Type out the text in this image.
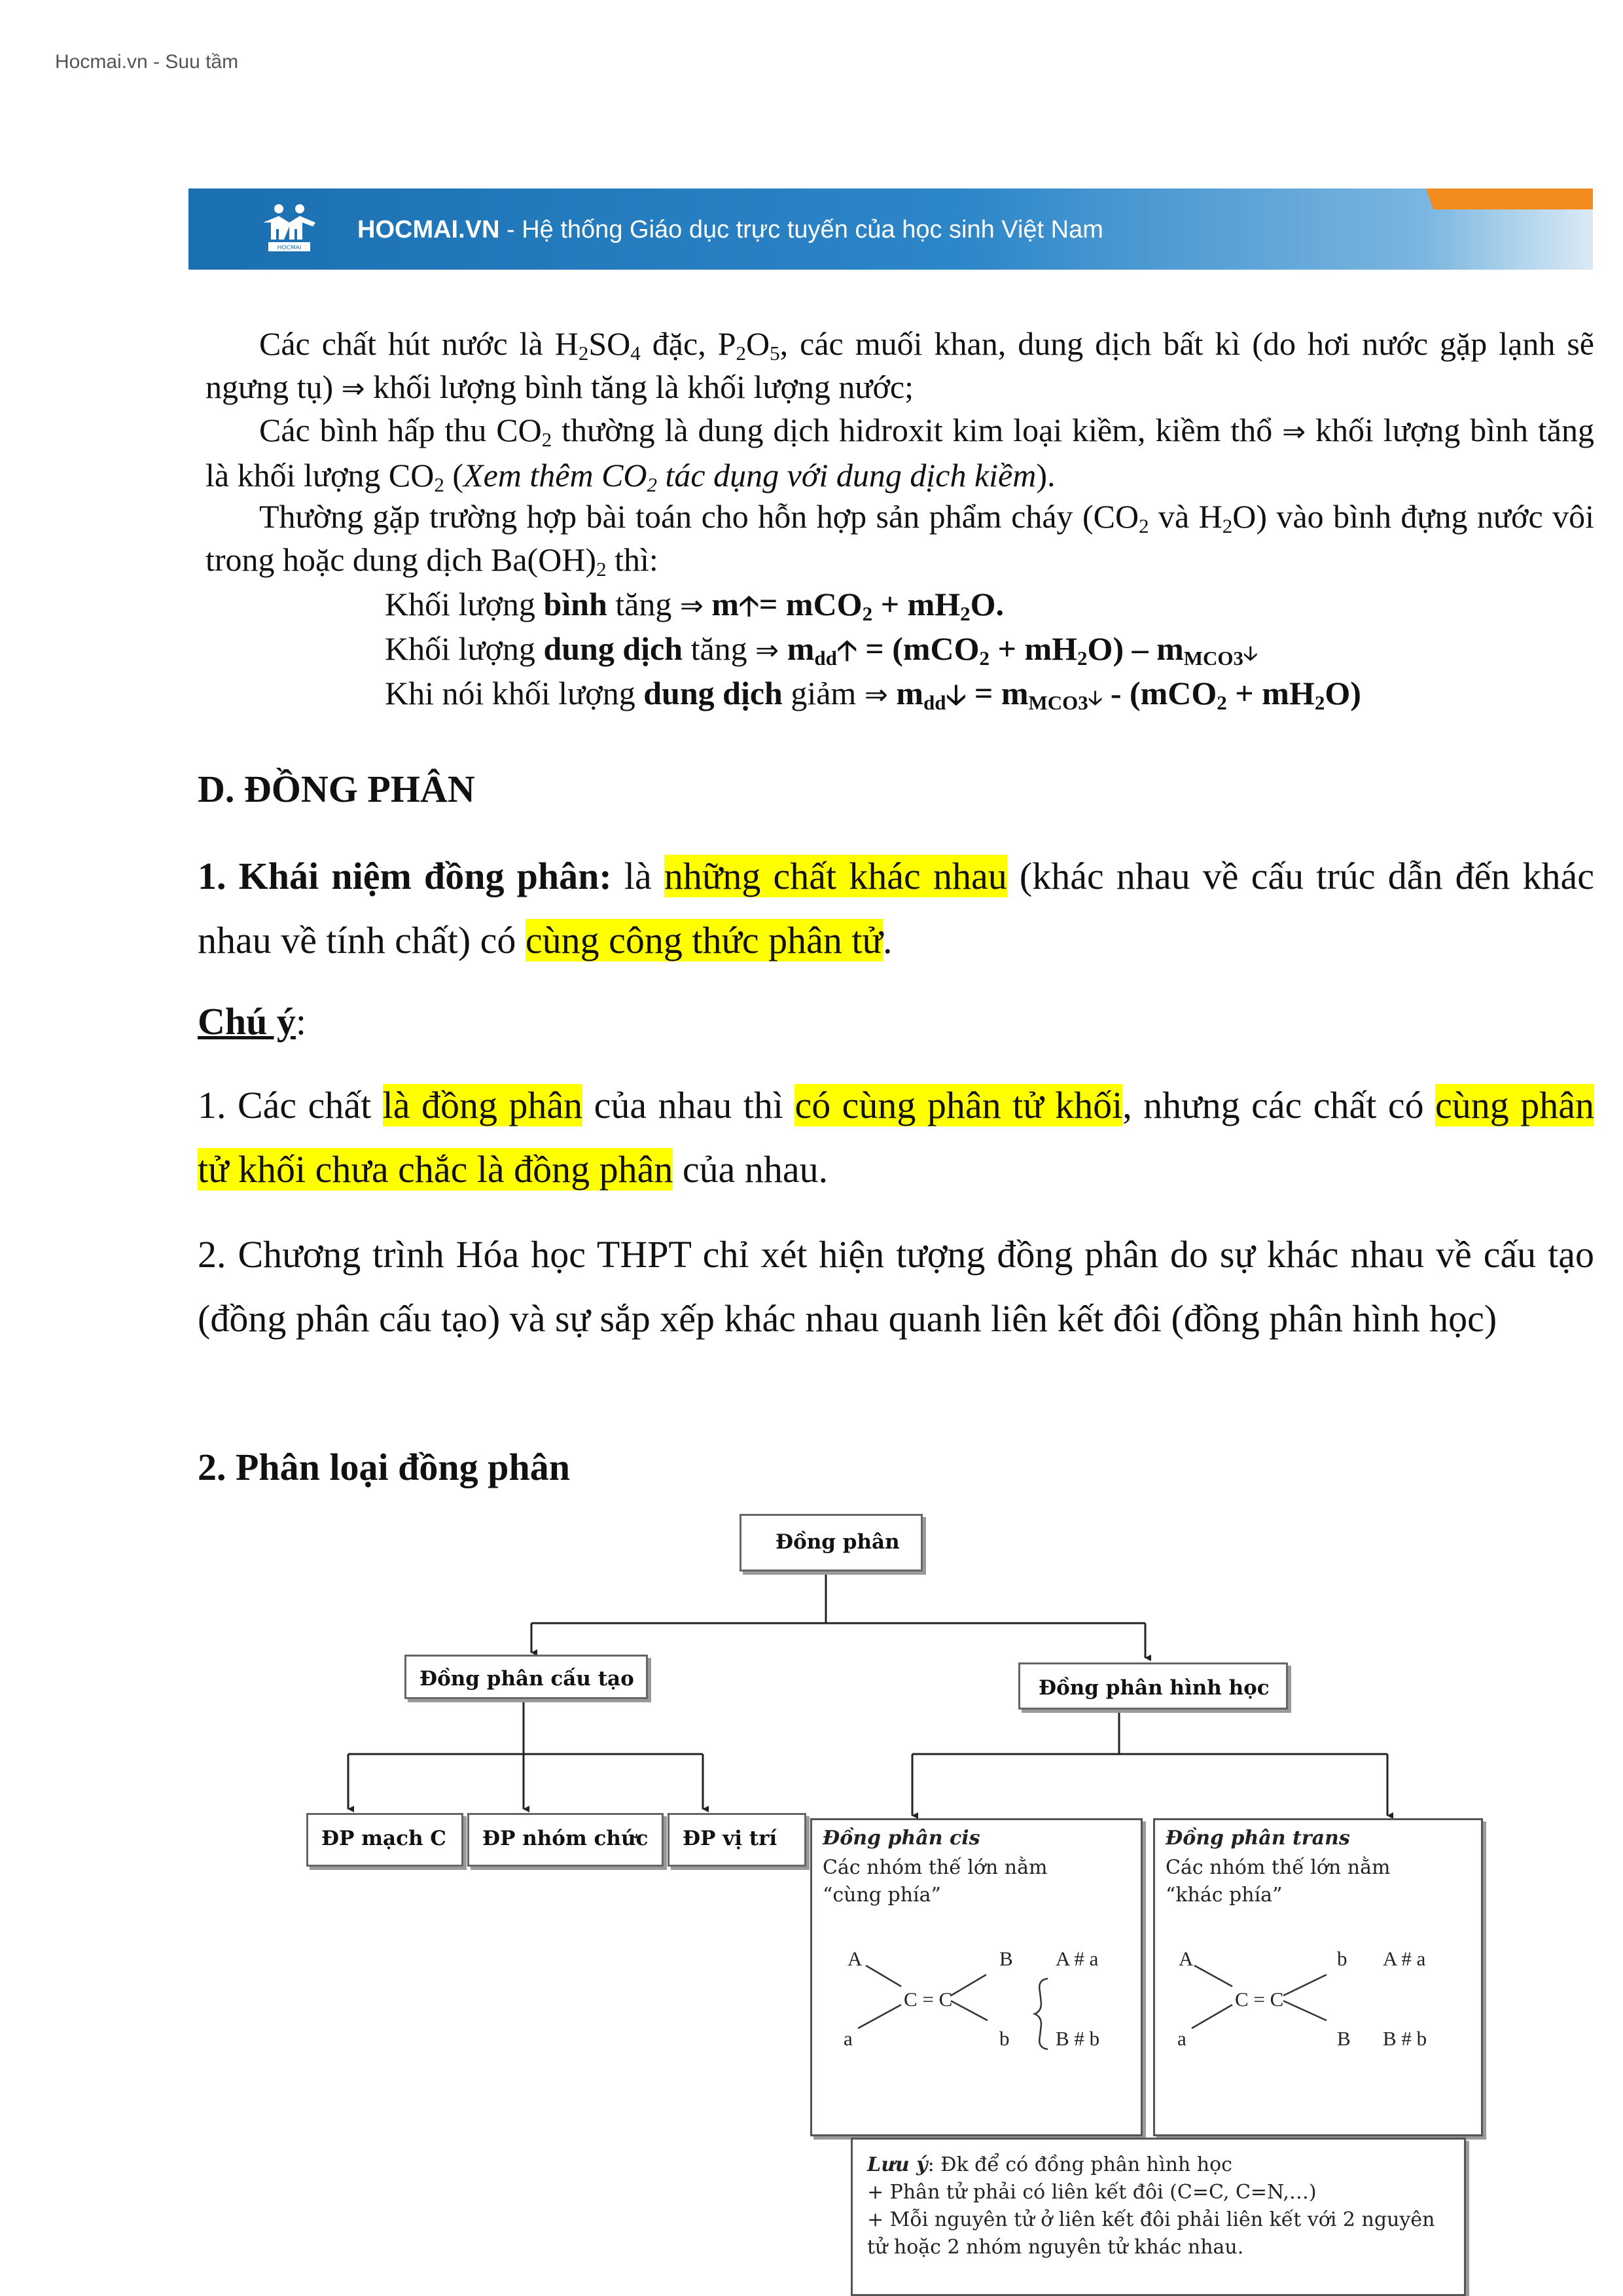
Hocmai.vn - Suu tầm
HOCMAI
HOCMAI.VN - Hệ thống Giáo dục trực tuyến của học sinh Việt Nam
Các chất hút nước là $H_2SO_4$ đặc, $P_2O_5$, các muối khan, dung dịch bất kì (do hơi nước gặp lạnh sẽ ngưng tụ) ⇒ khối lượng bình tăng là khối lượng nước;
Các bình hấp thu $CO_2$ thường là dung dịch hidroxit kim loại kiềm, kiềm thổ ⇒ khối lượng bình tăng là khối lượng $CO_2$ (Xem thêm $CO_2$ tác dụng với dung dịch kiềm).
Thường gặp trường hợp bài toán cho hỗn hợp sản phẩm cháy ($CO_2$ và $H_2O$) vào bình đựng nước vôi trong hoặc dung dịch $Ba(OH)_2$ thì:
Khối lượng bình tăng ⇒ m🡡= $mCO_2 + mH_2O$.
Khối lượng dung dịch tăng ⇒ $m_{dd}🡡 = (mCO_2 + mH_2O)$ – $m_{MCO3}🡣$
Khi nói khối lượng dung dịch giảm ⇒ $m_{dd}🡣$ = $m_{MCO3}🡣 - (mCO_2 + mH_2O)$
D. ĐỒNG PHÂN
1. Khái niệm đồng phân: là những chất khác nhau (khác nhau về cấu trúc dẫn đến khác nhau về tính chất) có cùng công thức phân tử.
Chú ý:
1. Các chất là đồng phân của nhau thì có cùng phân tử khối, nhưng các chất có cùng phân tử khối chưa chắc là đồng phân của nhau.
2. Chương trình Hóa học THPT chỉ xét hiện tượng đồng phân do sự khác nhau về cấu tạo (đồng phân cấu tạo) và sự sắp xếp khác nhau quanh liên kết đôi (đồng phân hình học)
2. Phân loại đồng phân
Đồng phân
Đồng phân cấu tạo	Đồng phân hình học
ĐP mạch C	ĐP nhóm chức	ĐP vị trí	Đồng phân cis
Các nhóm thế lớn nằm “cùng phía”
A
a
B
b
C = C
A # a
B # b
Đồng phân trans
Các nhóm thế lớn nằm “khác phía”
A
a
b
B
C = C
A # a
B # b
Lưu ý: Đk để có đồng phân hình học
+ Phân tử phải có liên kết đôi (C=C, C=N,…)
+ Mỗi nguyên tử ở liên kết đôi phải liên kết với 2 nguyên tử hoặc 2 nhóm nguyên tử khác nhau.
